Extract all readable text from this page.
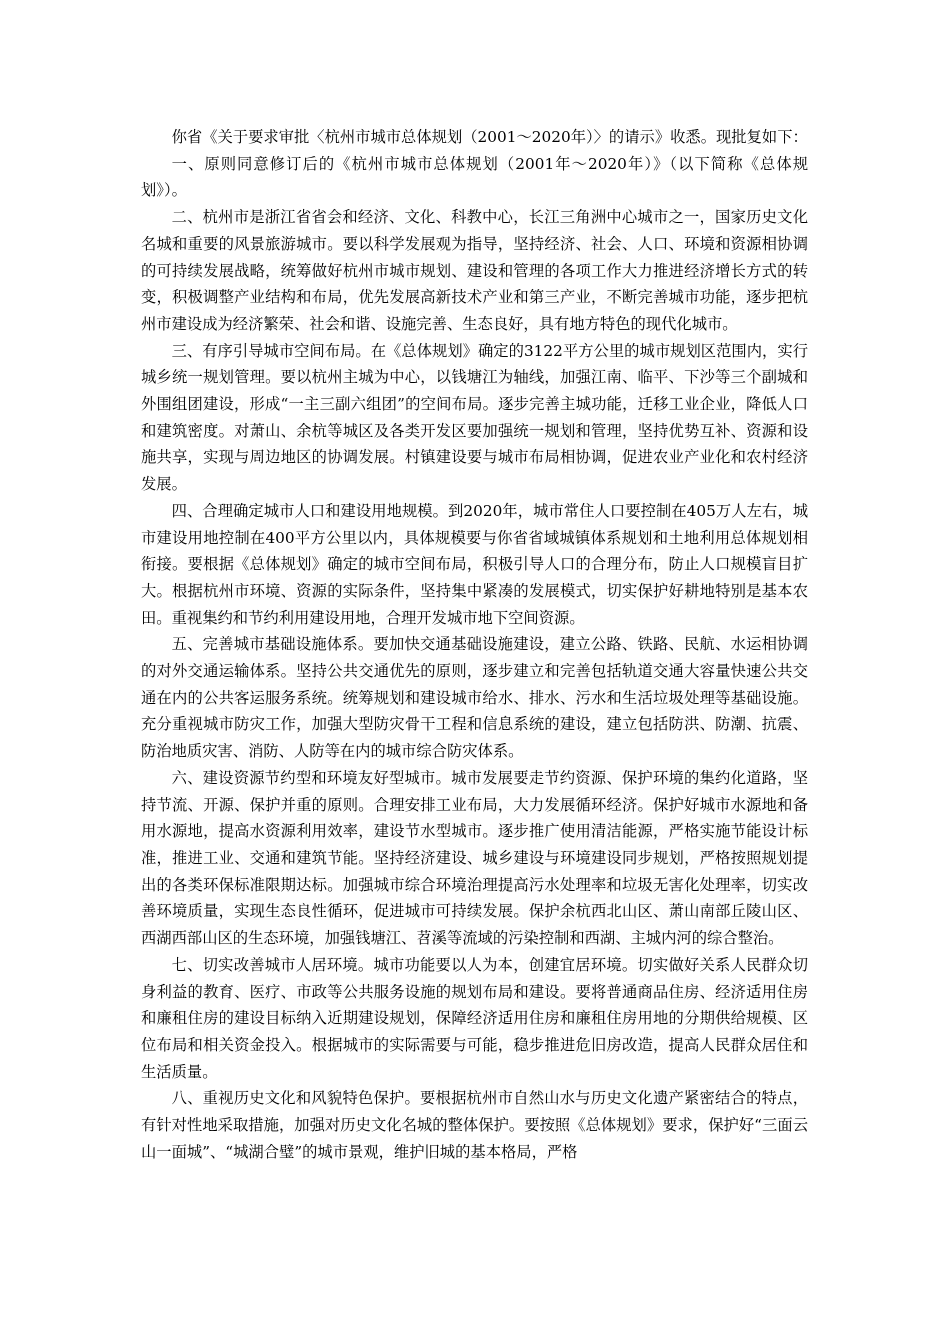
你省《关于要求审批〈杭州市城市总体规划（2001～2020年）〉的请示》收悉。现批复如下：

一、原则同意修订后的《杭州市城市总体规划（2001年～2020年）》（以下简称《总体规划》）。

二、杭州市是浙江省省会和经济、文化、科教中心，长江三角洲中心城市之一，国家历史文化名城和重要的风景旅游城市。要以科学发展观为指导，坚持经济、社会、人口、环境和资源相协调的可持续发展战略，统筹做好杭州市城市规划、建设和管理的各项工作大力推进经济增长方式的转变，积极调整产业结构和布局，优先发展高新技术产业和第三产业，不断完善城市功能，逐步把杭州市建设成为经济繁荣、社会和谐、设施完善、生态良好，具有地方特色的现代化城市。

三、有序引导城市空间布局。在《总体规划》确定的3122平方公里的城市规划区范围内，实行城乡统一规划管理。要以杭州主城为中心，以钱塘江为轴线，加强江南、临平、下沙等三个副城和外围组团建设，形成“一主三副六组团”的空间布局。逐步完善主城功能，迁移工业企业，降低人口和建筑密度。对萧山、余杭等城区及各类开发区要加强统一规划和管理，坚持优势互补、资源和设施共享，实现与周边地区的协调发展。村镇建设要与城市布局相协调，促进农业产业化和农村经济发展。

四、合理确定城市人口和建设用地规模。到2020年，城市常住人口要控制在405万人左右，城市建设用地控制在400平方公里以内，具体规模要与你省省域城镇体系规划和土地利用总体规划相衔接。要根据《总体规划》确定的城市空间布局，积极引导人口的合理分布，防止人口规模盲目扩大。根据杭州市环境、资源的实际条件，坚持集中紧凑的发展模式，切实保护好耕地特别是基本农田。重视集约和节约利用建设用地，合理开发城市地下空间资源。

五、完善城市基础设施体系。要加快交通基础设施建设，建立公路、铁路、民航、水运相协调的对外交通运输体系。坚持公共交通优先的原则，逐步建立和完善包括轨道交通大容量快速公共交通在内的公共客运服务系统。统筹规划和建设城市给水、排水、污水和生活垃圾处理等基础设施。充分重视城市防灾工作，加强大型防灾骨干工程和信息系统的建设，建立包括防洪、防潮、抗震、防治地质灾害、消防、人防等在内的城市综合防灾体系。

六、建设资源节约型和环境友好型城市。城市发展要走节约资源、保护环境的集约化道路，坚持节流、开源、保护并重的原则。合理安排工业布局，大力发展循环经济。保护好城市水源地和备用水源地，提高水资源利用效率，建设节水型城市。逐步推广使用清洁能源，严格实施节能设计标准，推进工业、交通和建筑节能。坚持经济建设、城乡建设与环境建设同步规划，严格按照规划提出的各类环保标准限期达标。加强城市综合环境治理提高污水处理率和垃圾无害化处理率，切实改善环境质量，实现生态良性循环，促进城市可持续发展。保护余杭西北山区、萧山南部丘陵山区、西湖西部山区的生态环境，加强钱塘江、苕溪等流域的污染控制和西湖、主城内河的综合整治。

七、切实改善城市人居环境。城市功能要以人为本，创建宜居环境。切实做好关系人民群众切身利益的教育、医疗、市政等公共服务设施的规划布局和建设。要将普通商品住房、经济适用住房和廉租住房的建设目标纳入近期建设规划，保障经济适用住房和廉租住房用地的分期供给规模、区位布局和相关资金投入。根据城市的实际需要与可能，稳步推进危旧房改造，提高人民群众居住和生活质量。

八、重视历史文化和风貌特色保护。要根据杭州市自然山水与历史文化遗产紧密结合的特点，有针对性地采取措施，加强对历史文化名城的整体保护。要按照《总体规划》要求，保护好“三面云山一面城”、“城湖合璧”的城市景观，维护旧城的基本格局，严格
